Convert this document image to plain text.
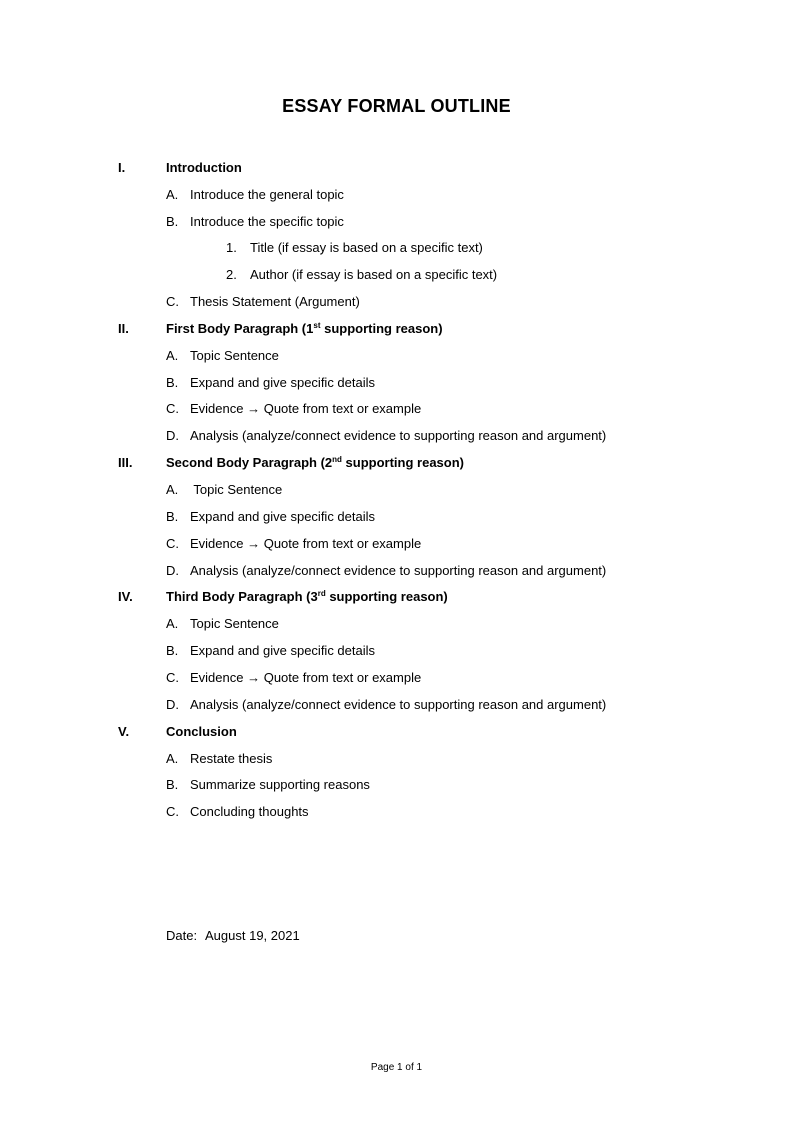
ESSAY FORMAL OUTLINE
I.	Introduction
A. Introduce the general topic
B. Introduce the specific topic
1. Title (if essay is based on a specific text)
2. Author (if essay is based on a specific text)
C. Thesis Statement (Argument)
II.	First Body Paragraph (1st supporting reason)
A. Topic Sentence
B. Expand and give specific details
C. Evidence → Quote from text or example
D. Analysis (analyze/connect evidence to supporting reason and argument)
III.	Second Body Paragraph (2nd supporting reason)
A. Topic Sentence
B. Expand and give specific details
C. Evidence → Quote from text or example
D. Analysis (analyze/connect evidence to supporting reason and argument)
IV.	Third Body Paragraph (3rd supporting reason)
A. Topic Sentence
B. Expand and give specific details
C. Evidence → Quote from text or example
D. Analysis (analyze/connect evidence to supporting reason and argument)
V.	Conclusion
A. Restate thesis
B. Summarize supporting reasons
C. Concluding thoughts
Date: August 19, 2021
Page 1 of 1
